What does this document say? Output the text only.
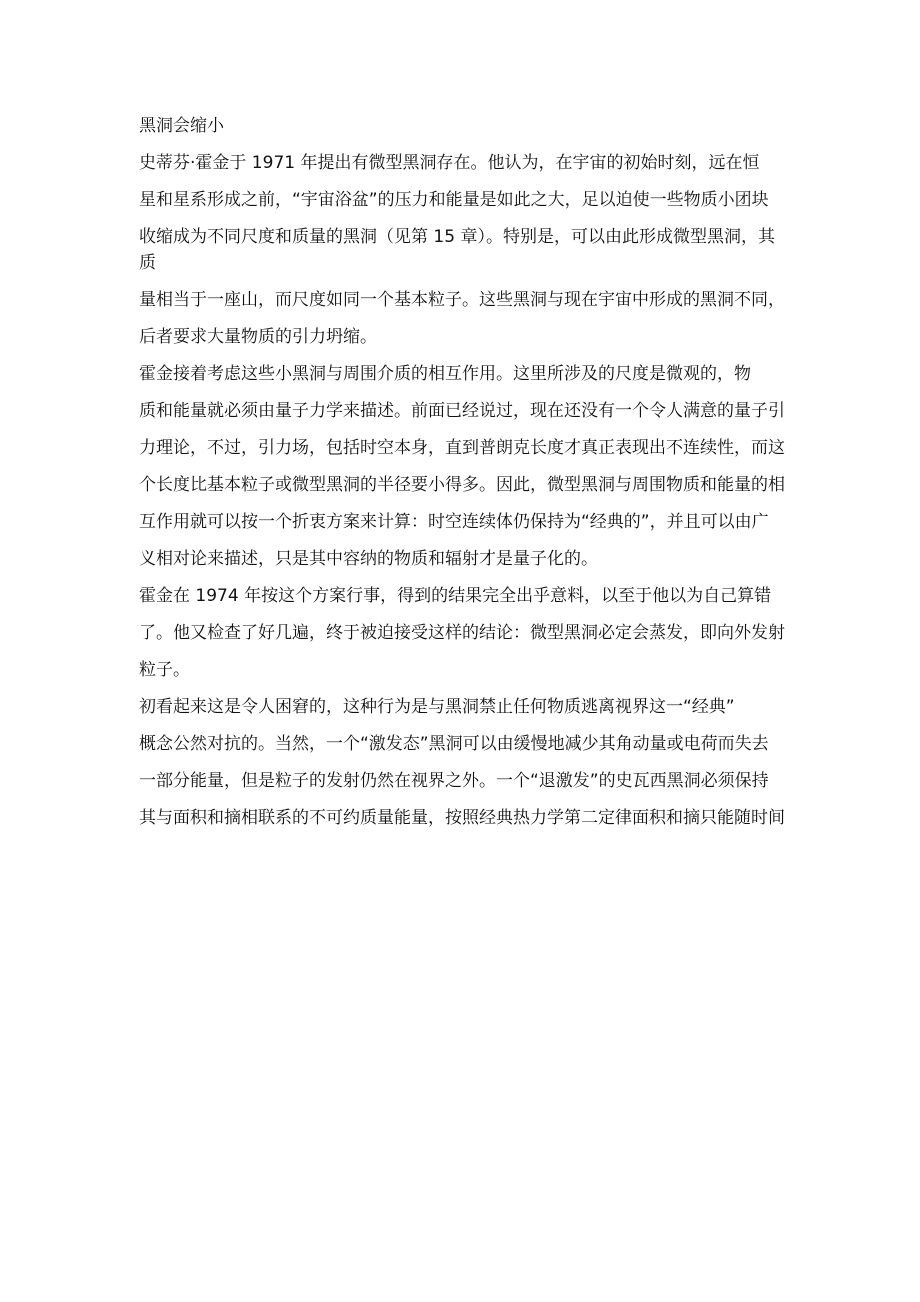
黑洞会缩小

史蒂芬·霍金于 1971 年提出有微型黑洞存在。他认为，在宇宙的初始时刻，远在恒

星和星系形成之前，“宇宙浴盆”的压力和能量是如此之大，足以迫使一些物质小团块

收缩成为不同尺度和质量的黑洞（见第 15 章）。特别是，可以由此形成微型黑洞，其质

量相当于一座山，而尺度如同一个基本粒子。这些黑洞与现在宇宙中形成的黑洞不同，

后者要求大量物质的引力坍缩。

霍金接着考虑这些小黑洞与周围介质的相互作用。这里所涉及的尺度是微观的，物

质和能量就必须由量子力学来描述。前面已经说过，现在还没有一个令人满意的量子引

力理论，不过，引力场，包括时空本身，直到普朗克长度才真正表现出不连续性，而这

个长度比基本粒子或微型黑洞的半径要小得多。因此，微型黑洞与周围物质和能量的相

互作用就可以按一个折衷方案来计算：时空连续体仍保持为“经典的”，并且可以由广

义相对论来描述，只是其中容纳的物质和辐射才是量子化的。

霍金在 1974 年按这个方案行事，得到的结果完全出乎意料，以至于他以为自己算错

了。他又检查了好几遍，终于被迫接受这样的结论：微型黑洞必定会蒸发，即向外发射

粒子。

初看起来这是令人困窘的，这种行为是与黑洞禁止任何物质逃离视界这一“经典”

概念公然对抗的。当然，一个“激发态”黑洞可以由缓慢地减少其角动量或电荷而失去

一部分能量，但是粒子的发射仍然在视界之外。一个“退激发”的史瓦西黑洞必须保持

其与面积和摘相联系的不可约质量能量，按照经典热力学第二定律面积和摘只能随时间
